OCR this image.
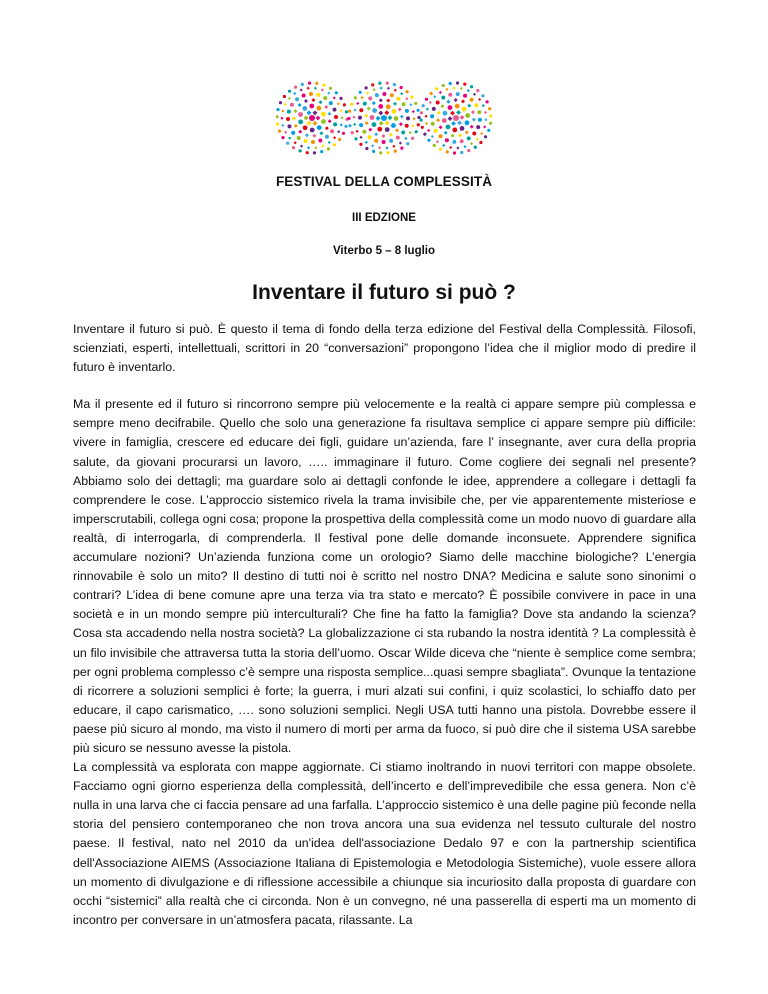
FESTIVAL DELLA COMPLESSITÀ
III EDZIONE
Viterbo 5 – 8 luglio
Inventare il futuro si può ?

Inventare il futuro si può. È questo il tema di fondo della terza edizione del Festival della Complessità. Filosofi, scienziati, esperti, intellettuali, scrittori in 20 “conversazioni” propongono l’idea che il miglior modo di predire il futuro è inventarlo.

Ma il presente ed il futuro si rincorrono sempre più velocemente e la realtà ci appare sempre più complessa e sempre meno decifrabile. Quello che solo una generazione fa risultava semplice ci appare sempre più difficile: vivere in famiglia, crescere ed educare dei figli, guidare un’azienda, fare l’ insegnante, aver cura della propria salute, da giovani procurarsi un lavoro, ….. immaginare il futuro. Come cogliere dei segnali nel presente? Abbiamo solo dei dettagli; ma guardare solo ai dettagli confonde le idee, apprendere a collegare i dettagli fa comprendere le cose. L’approccio sistemico rivela la trama invisibile che, per vie apparentemente misteriose e imperscrutabili, collega ogni cosa; propone la prospettiva della complessità come un modo nuovo di guardare alla realtà, di interrogarla, di comprenderla. Il festival pone delle domande inconsuete. Apprendere significa accumulare nozioni? Un’azienda funziona come un orologio? Siamo delle macchine biologiche? L’energia rinnovabile è solo un mito? Il destino di tutti noi è scritto nel nostro DNA? Medicina e salute sono sinonimi o contrari? L’idea di bene comune apre una terza via tra stato e mercato? È possibile convivere in pace in una società e in un mondo sempre più interculturali? Che fine ha fatto la famiglia? Dove sta andando la scienza? Cosa sta accadendo nella nostra società? La globalizzazione ci sta rubando la nostra identità ? La complessità è un filo invisibile che attraversa tutta la storia dell’uomo. Oscar Wilde diceva che “niente è semplice come sembra; per ogni problema complesso c’è sempre una risposta semplice...quasi sempre sbagliata”. Ovunque la tentazione di ricorrere a soluzioni semplici è forte; la guerra, i muri alzati sui confini, i quiz scolastici, lo schiaffo dato per educare, il capo carismatico, …. sono soluzioni semplici. Negli USA tutti hanno una pistola. Dovrebbe essere il paese più sicuro al mondo, ma visto il numero di morti per arma da fuoco, si può dire che il sistema USA sarebbe più sicuro se nessuno avesse la pistola.

La complessità va esplorata con mappe aggiornate. Ci stiamo inoltrando in nuovi territori con mappe obsolete. Facciamo ogni giorno esperienza della complessità, dell’incerto e dell’imprevedibile che essa genera. Non c’è nulla in una larva che ci faccia pensare ad una farfalla. L’approccio sistemico è una delle pagine più feconde nella storia del pensiero contemporaneo che non trova ancora una sua evidenza nel tessuto culturale del nostro paese. Il festival, nato nel 2010 da un'idea dell'associazione Dedalo 97 e con la partnership scientifica dell'Associazione AIEMS (Associazione Italiana di Epistemologia e Metodologia Sistemiche), vuole essere allora un momento di divulgazione e di riflessione accessibile a chiunque sia incuriosito dalla proposta di guardare con occhi “sistemici” alla realtà che ci circonda. Non è un convegno, né una passerella di esperti ma un momento di incontro per conversare in un’atmosfera pacata, rilassante. La
